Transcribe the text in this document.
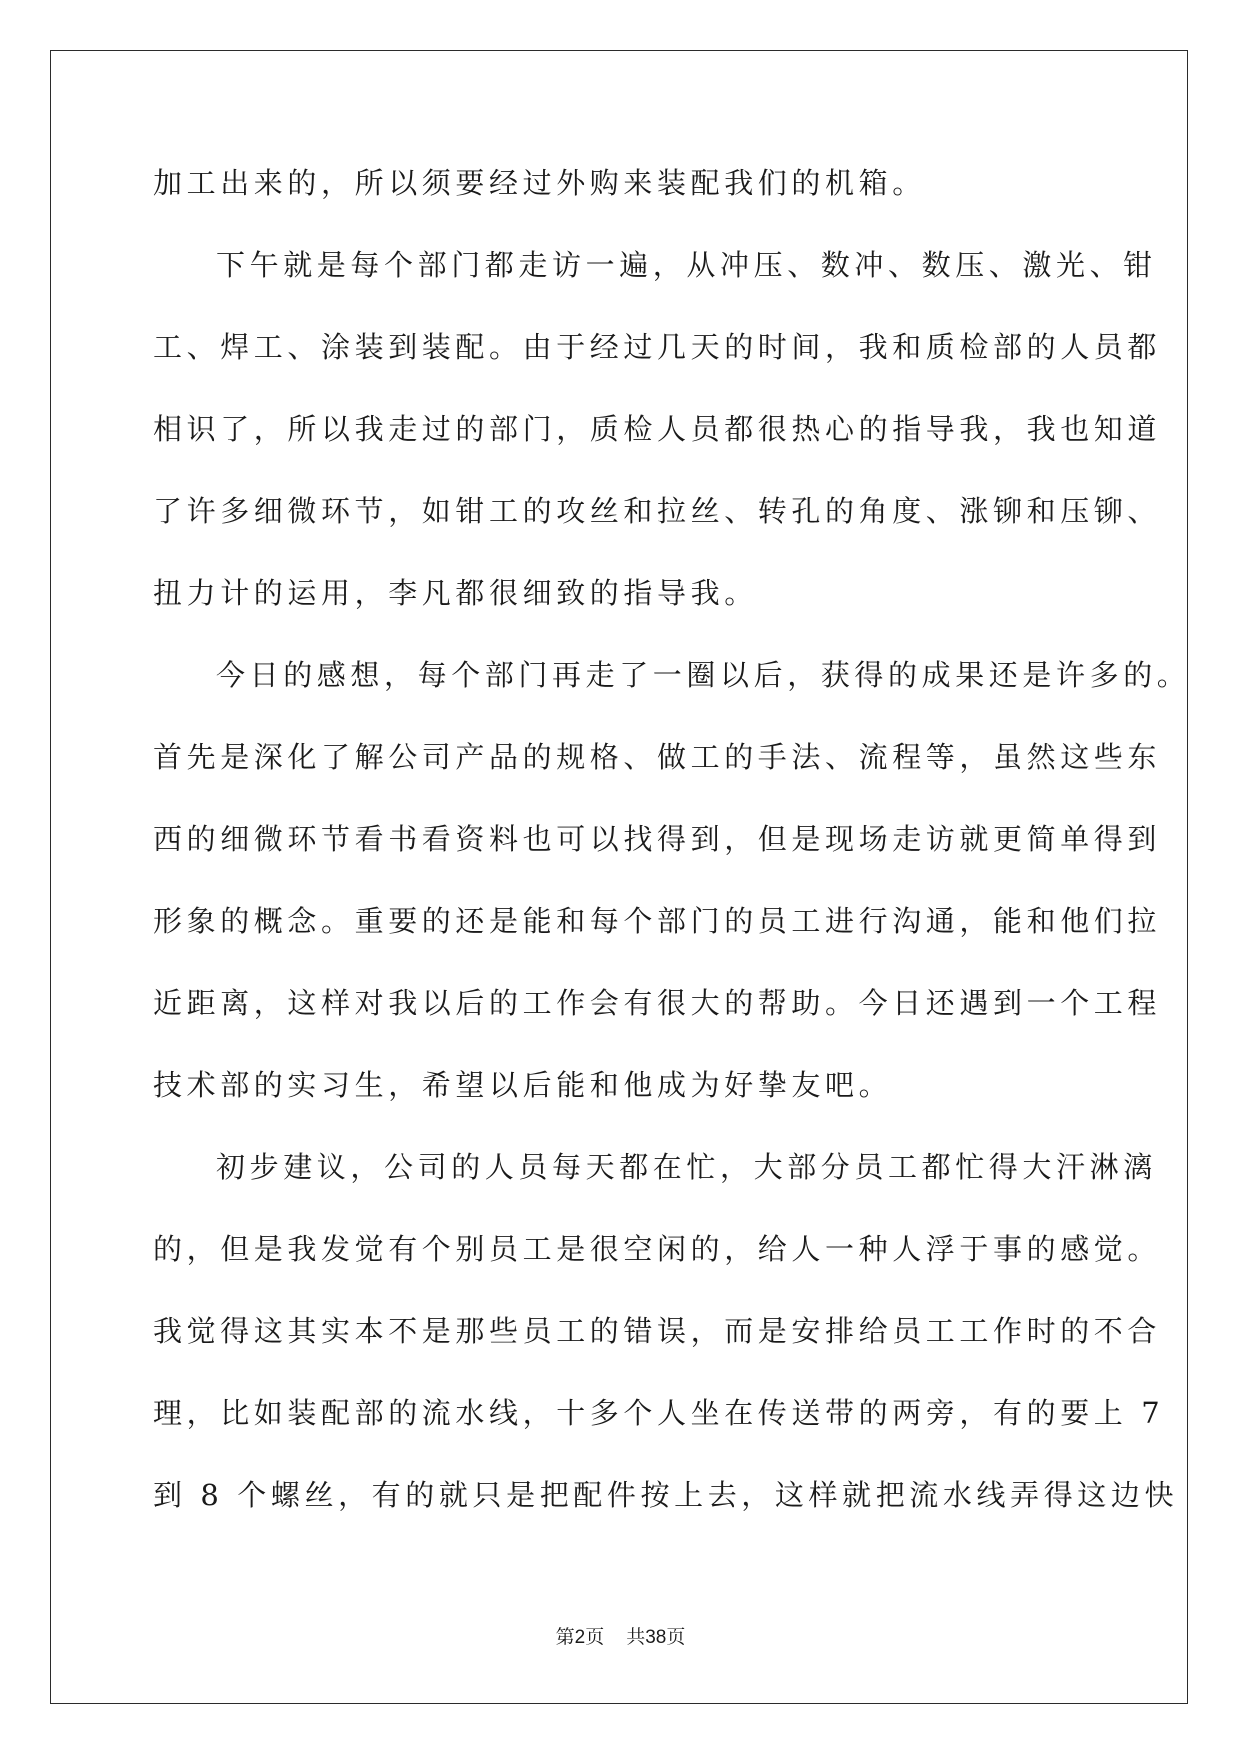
加工出来的，所以须要经过外购来装配我们的机箱。
下午就是每个部门都走访一遍，从冲压、数冲、数压、激光、钳
工、焊工、涂装到装配。由于经过几天的时间，我和质检部的人员都
相识了，所以我走过的部门，质检人员都很热心的指导我，我也知道
了许多细微环节，如钳工的攻丝和拉丝、转孔的角度、涨铆和压铆、
扭力计的运用，李凡都很细致的指导我。
今日的感想，每个部门再走了一圈以后，获得的成果还是许多的。
首先是深化了解公司产品的规格、做工的手法、流程等，虽然这些东
西的细微环节看书看资料也可以找得到，但是现场走访就更简单得到
形象的概念。重要的还是能和每个部门的员工进行沟通，能和他们拉
近距离，这样对我以后的工作会有很大的帮助。今日还遇到一个工程
技术部的实习生，希望以后能和他成为好挚友吧。
初步建议，公司的人员每天都在忙，大部分员工都忙得大汗淋漓
的，但是我发觉有个别员工是很空闲的，给人一种人浮于事的感觉。
我觉得这其实本不是那些员工的错误，而是安排给员工工作时的不合
理，比如装配部的流水线，十多个人坐在传送带的两旁，有的要上 7
到 8 个螺丝，有的就只是把配件按上去，这样就把流水线弄得这边快
第2页 共38页
